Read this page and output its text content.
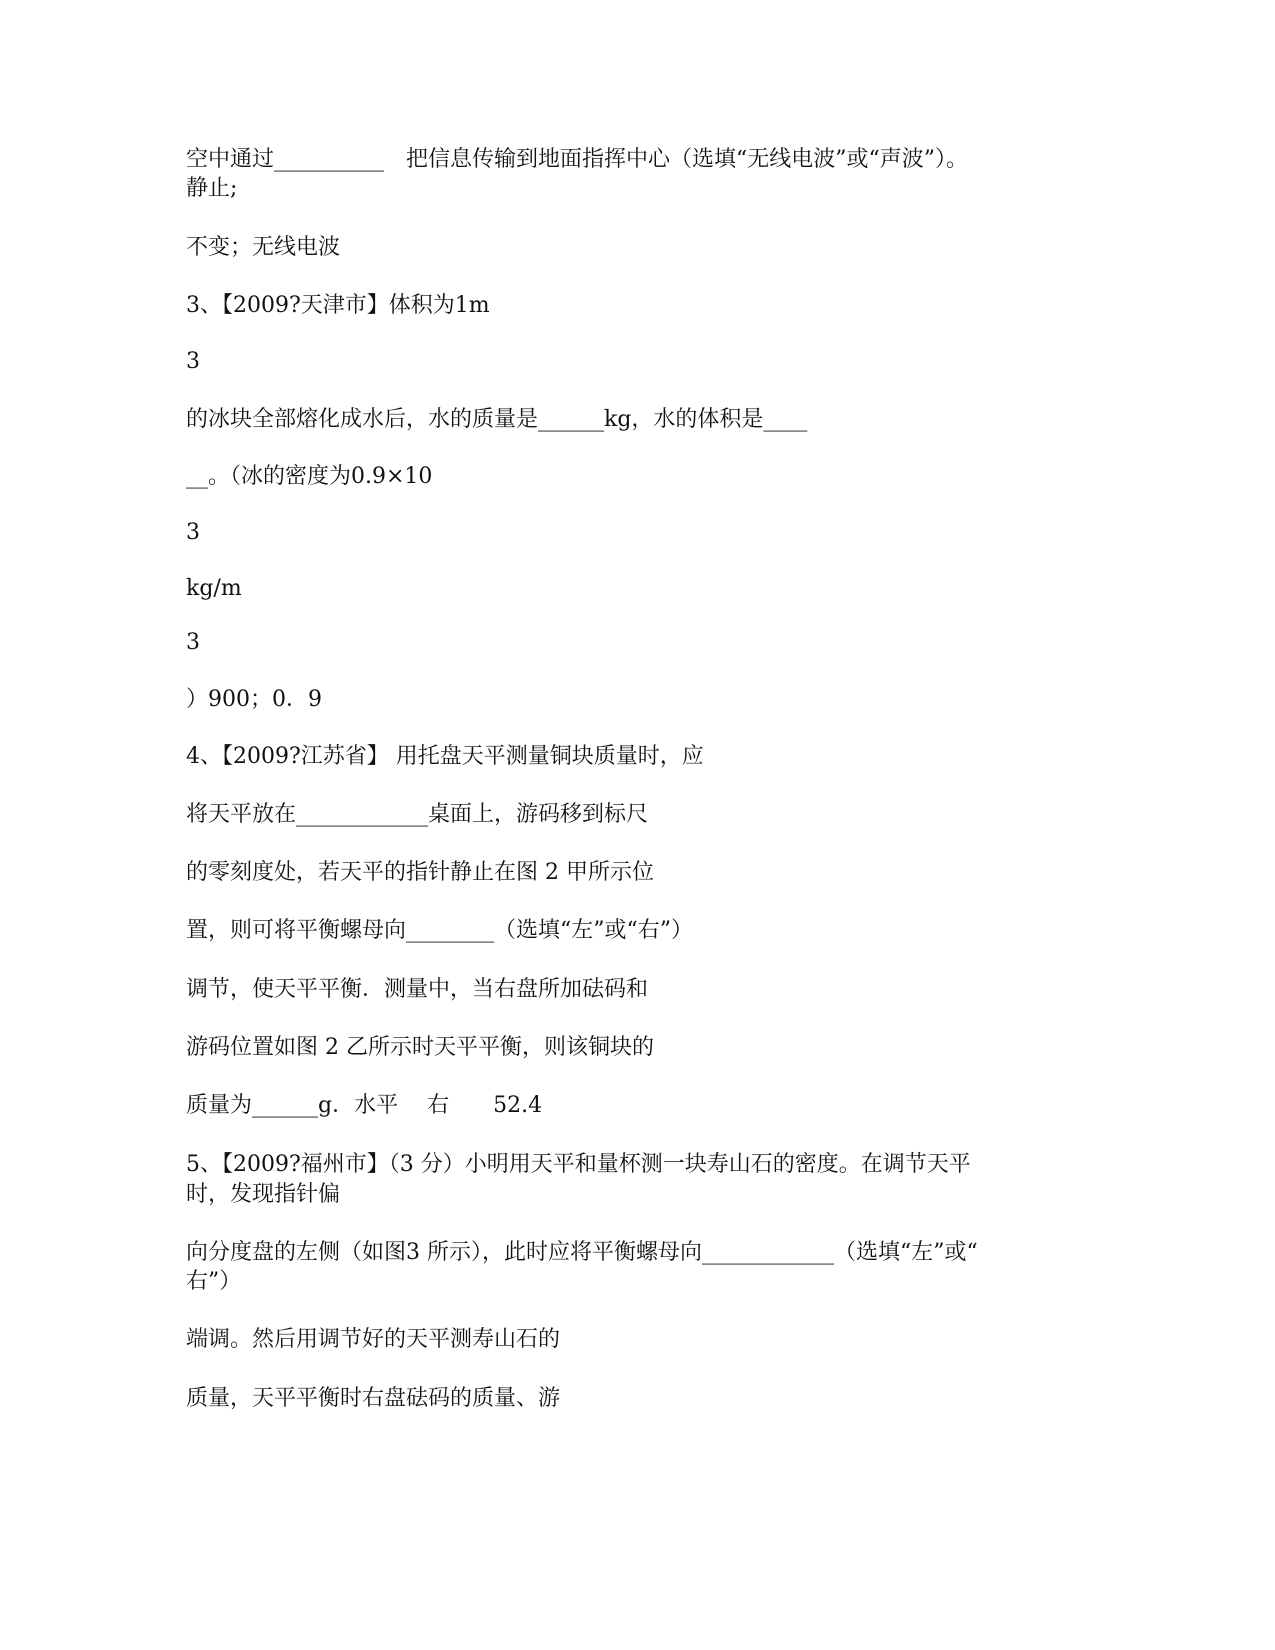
空中通过__________　把信息传输到地面指挥中心（选填“无线电波”或“声波”）。
静止;
不变；无线电波
3、【2009?天津市】体积为1m
3
的冰块全部熔化成水后，水的质量是______kg，水的体积是____
__。（冰的密度为0.9×10
3
kg/m
3
）900；0．9
4、【2009?江苏省】 用托盘天平测量铜块质量时，应
将天平放在____________桌面上，游码移到标尺
的零刻度处，若天平的指针静止在图 2 甲所示位
置，则可将平衡螺母向________（选填“左”或“右”）
调节，使天平平衡．测量中，当右盘所加砝码和
游码位置如图 2 乙所示时天平平衡，则该铜块的
质量为______g．水平　 右　　52.4
5、【2009?福州市】（3 分）小明用天平和量杯测一块寿山石的密度。在调节天平
时，发现指针偏
向分度盘的左侧（如图3 所示），此时应将平衡螺母向____________（选填“左”或“
右”）
端调。然后用调节好的天平测寿山石的
质量，天平平衡时右盘砝码的质量、游
